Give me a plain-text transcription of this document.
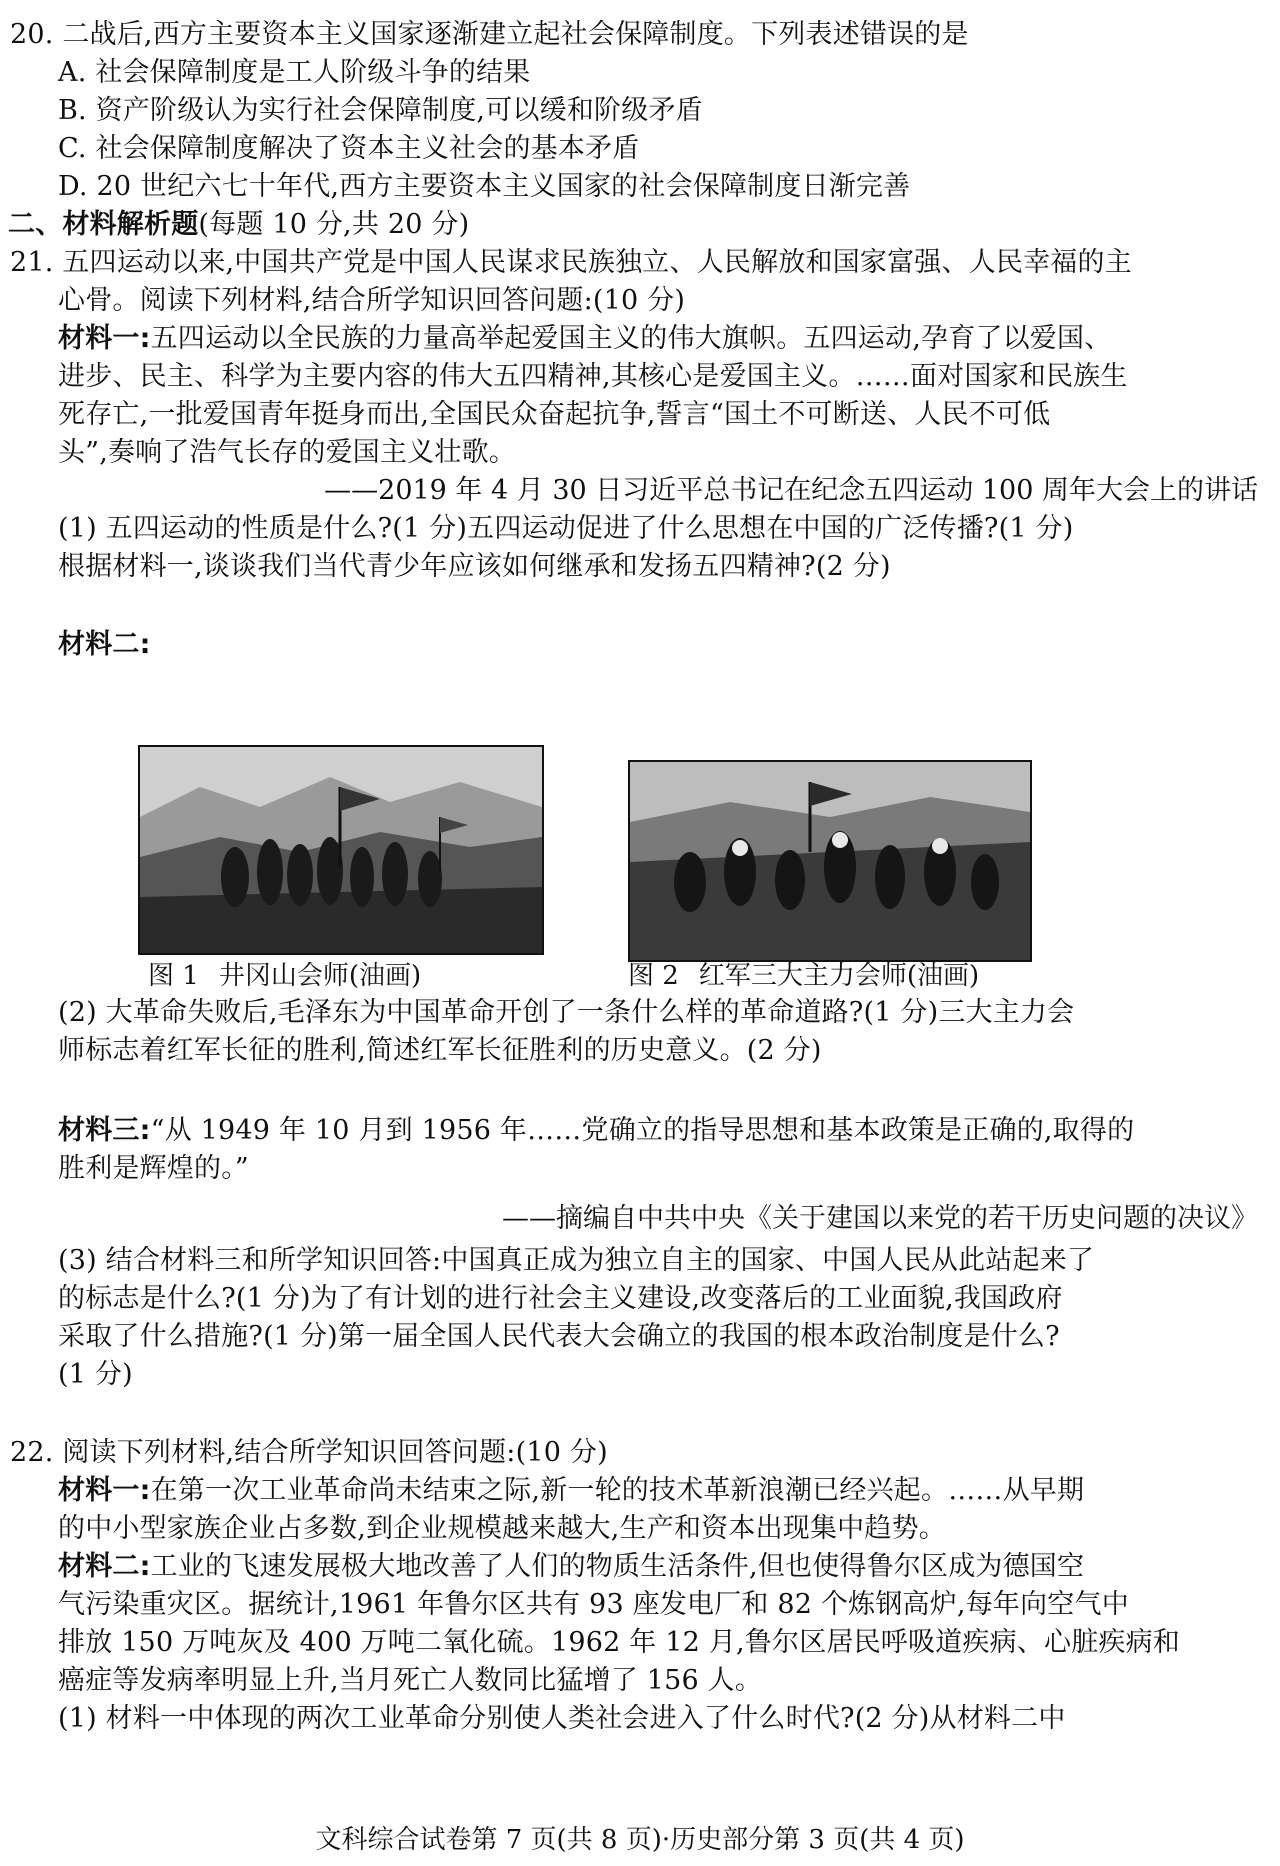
20. 二战后,西方主要资本主义国家逐渐建立起社会保障制度。下列表述错误的是
A. 社会保障制度是工人阶级斗争的结果
B. 资产阶级认为实行社会保障制度,可以缓和阶级矛盾
C. 社会保障制度解决了资本主义社会的基本矛盾
D. 20 世纪六七十年代,西方主要资本主义国家的社会保障制度日渐完善
二、材料解析题(每题 10 分,共 20 分)
21. 五四运动以来,中国共产党是中国人民谋求民族独立、人民解放和国家富强、人民幸福的主
心骨。阅读下列材料,结合所学知识回答问题:(10 分)
材料一:五四运动以全民族的力量高举起爱国主义的伟大旗帜。五四运动,孕育了以爱国、
进步、民主、科学为主要内容的伟大五四精神,其核心是爱国主义。……面对国家和民族生
死存亡,一批爱国青年挺身而出,全国民众奋起抗争,誓言“国土不可断送、人民不可低
头”,奏响了浩气长存的爱国主义壮歌。
——2019 年 4 月 30 日习近平总书记在纪念五四运动 100 周年大会上的讲话
(1) 五四运动的性质是什么?(1 分)五四运动促进了什么思想在中国的广泛传播?(1 分)
根据材料一,谈谈我们当代青少年应该如何继承和发扬五四精神?(2 分)
材料二:
图 1 井冈山会师(油画)	图 2 红军三大主力会师(油画)
(2) 大革命失败后,毛泽东为中国革命开创了一条什么样的革命道路?(1 分)三大主力会
师标志着红军长征的胜利,简述红军长征胜利的历史意义。(2 分)
材料三:“从 1949 年 10 月到 1956 年……党确立的指导思想和基本政策是正确的,取得的
胜利是辉煌的。”
——摘编自中共中央《关于建国以来党的若干历史问题的决议》
(3) 结合材料三和所学知识回答:中国真正成为独立自主的国家、中国人民从此站起来了
的标志是什么?(1 分)为了有计划的进行社会主义建设,改变落后的工业面貌,我国政府
采取了什么措施?(1 分)第一届全国人民代表大会确立的我国的根本政治制度是什么?
(1 分)
22. 阅读下列材料,结合所学知识回答问题:(10 分)
材料一:在第一次工业革命尚未结束之际,新一轮的技术革新浪潮已经兴起。……从早期
的中小型家族企业占多数,到企业规模越来越大,生产和资本出现集中趋势。
材料二:工业的飞速发展极大地改善了人们的物质生活条件,但也使得鲁尔区成为德国空
气污染重灾区。据统计,1961 年鲁尔区共有 93 座发电厂和 82 个炼钢高炉,每年向空气中
排放 150 万吨灰及 400 万吨二氧化硫。1962 年 12 月,鲁尔区居民呼吸道疾病、心脏疾病和
癌症等发病率明显上升,当月死亡人数同比猛增了 156 人。
(1) 材料一中体现的两次工业革命分别使人类社会进入了什么时代?(2 分)从材料二中
文科综合试卷第 7 页(共 8 页)·历史部分第 3 页(共 4 页)
